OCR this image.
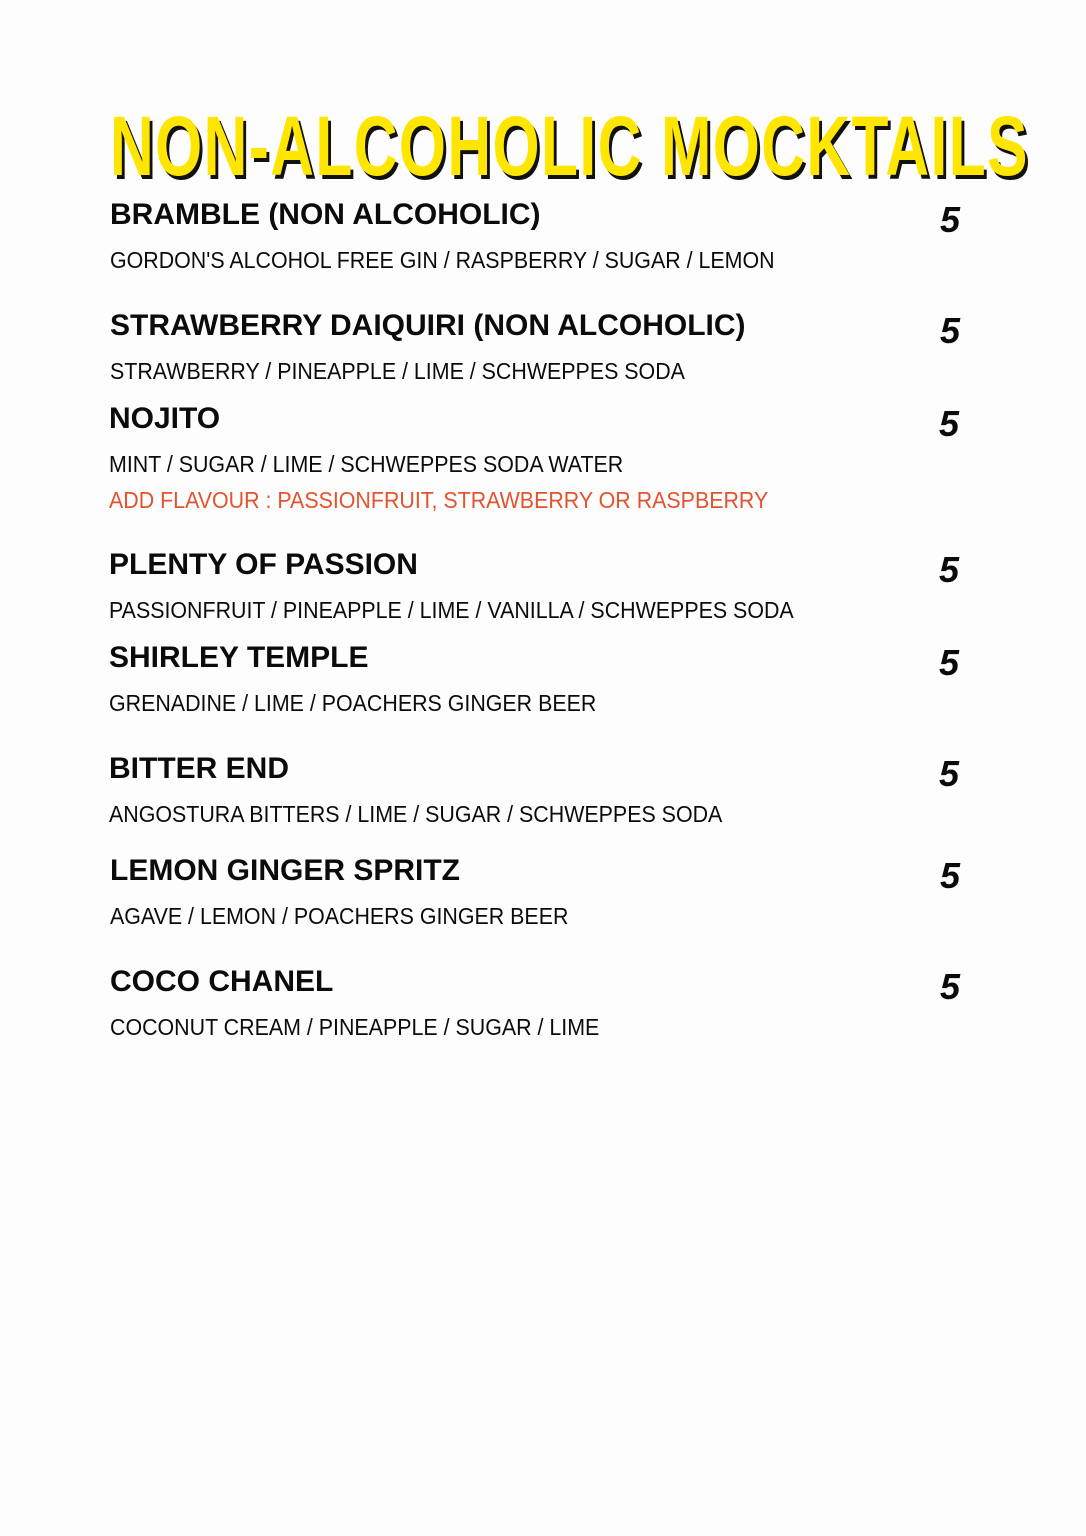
NON-ALCOHOLIC MOCKTAILS
BRAMBLE (NON ALCOHOLIC)
GORDON'S ALCOHOL FREE GIN / RASPBERRY / SUGAR / LEMON
5
STRAWBERRY DAIQUIRI (NON ALCOHOLIC)
STRAWBERRY / PINEAPPLE / LIME / SCHWEPPES SODA
5
NOJITO
MINT / SUGAR / LIME / SCHWEPPES SODA WATER
ADD FLAVOUR : PASSIONFRUIT, STRAWBERRY OR RASPBERRY
5
PLENTY OF PASSION
PASSIONFRUIT / PINEAPPLE / LIME / VANILLA / SCHWEPPES SODA
5
SHIRLEY TEMPLE
GRENADINE / LIME / POACHERS GINGER BEER
5
BITTER END
ANGOSTURA BITTERS / LIME / SUGAR / SCHWEPPES SODA
5
LEMON GINGER SPRITZ
AGAVE / LEMON / POACHERS GINGER BEER
5
COCO CHANEL
COCONUT CREAM / PINEAPPLE / SUGAR / LIME
5
